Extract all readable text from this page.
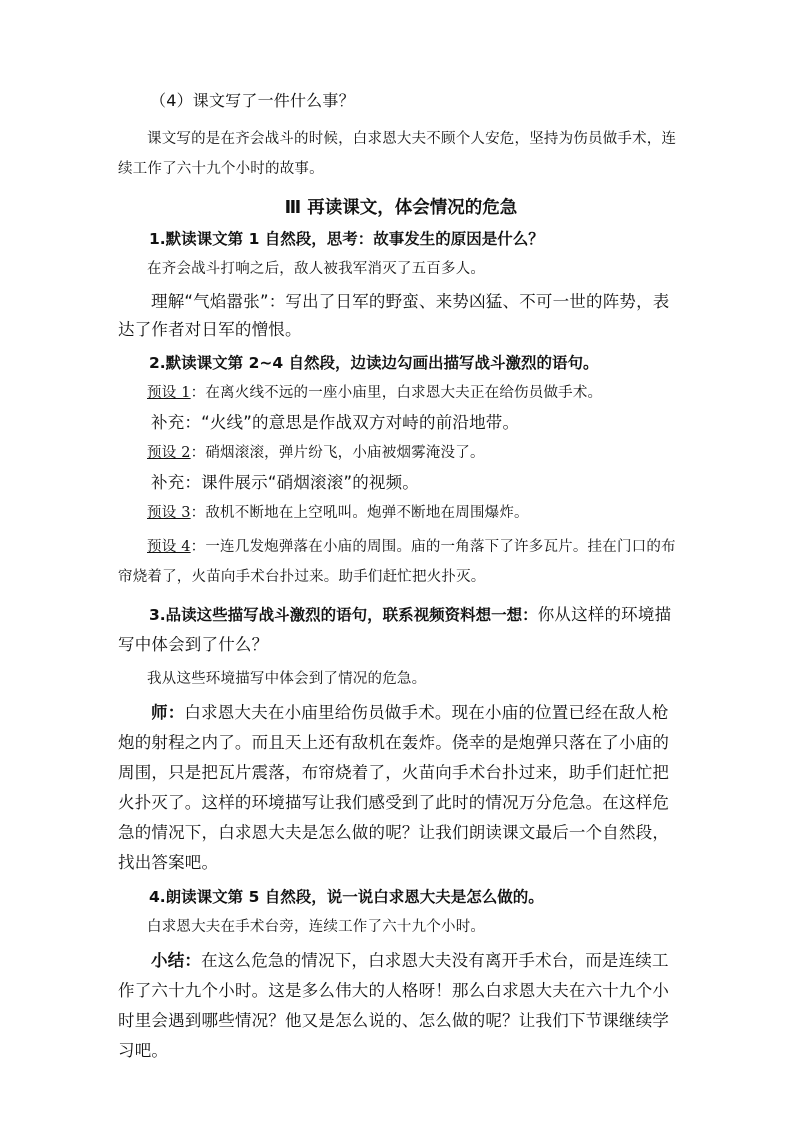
（4）课文写了一件什么事？

课文写的是在齐会战斗的时候，白求恩大夫不顾个人安危，坚持为伤员做手术，连续工作了六十九个小时的故事。

Ⅲ 再读课文，体会情况的危急

1.默读课文第 1 自然段，思考：故事发生的原因是什么？

在齐会战斗打响之后，敌人被我军消灭了五百多人。

理解“气焰嚣张”：写出了日军的野蛮、来势凶猛、不可一世的阵势，表达了作者对日军的憎恨。

2.默读课文第 2~4 自然段，边读边勾画出描写战斗激烈的语句。

预设 1：在离火线不远的一座小庙里，白求恩大夫正在给伤员做手术。

补充：“火线”的意思是作战双方对峙的前沿地带。

预设 2：硝烟滚滚，弹片纷飞，小庙被烟雾淹没了。

补充：课件展示“硝烟滚滚”的视频。

预设 3：敌机不断地在上空吼叫。炮弹不断地在周围爆炸。

预设 4：一连几发炮弹落在小庙的周围。庙的一角落下了许多瓦片。挂在门口的布帘烧着了，火苗向手术台扑过来。助手们赶忙把火扑灭。

3.品读这些描写战斗激烈的语句，联系视频资料想一想：你从这样的环境描写中体会到了什么？

我从这些环境描写中体会到了情况的危急。

师：白求恩大夫在小庙里给伤员做手术。现在小庙的位置已经在敌人枪炮的射程之内了。而且天上还有敌机在轰炸。侥幸的是炮弹只落在了小庙的周围，只是把瓦片震落，布帘烧着了，火苗向手术台扑过来，助手们赶忙把火扑灭了。这样的环境描写让我们感受到了此时的情况万分危急。在这样危急的情况下，白求恩大夫是怎么做的呢？让我们朗读课文最后一个自然段，找出答案吧。

4.朗读课文第 5 自然段，说一说白求恩大夫是怎么做的。

白求恩大夫在手术台旁，连续工作了六十九个小时。

小结：在这么危急的情况下，白求恩大夫没有离开手术台，而是连续工作了六十九个小时。这是多么伟大的人格呀！那么白求恩大夫在六十九个小时里会遇到哪些情况？他又是怎么说的、怎么做的呢？让我们下节课继续学习吧。
